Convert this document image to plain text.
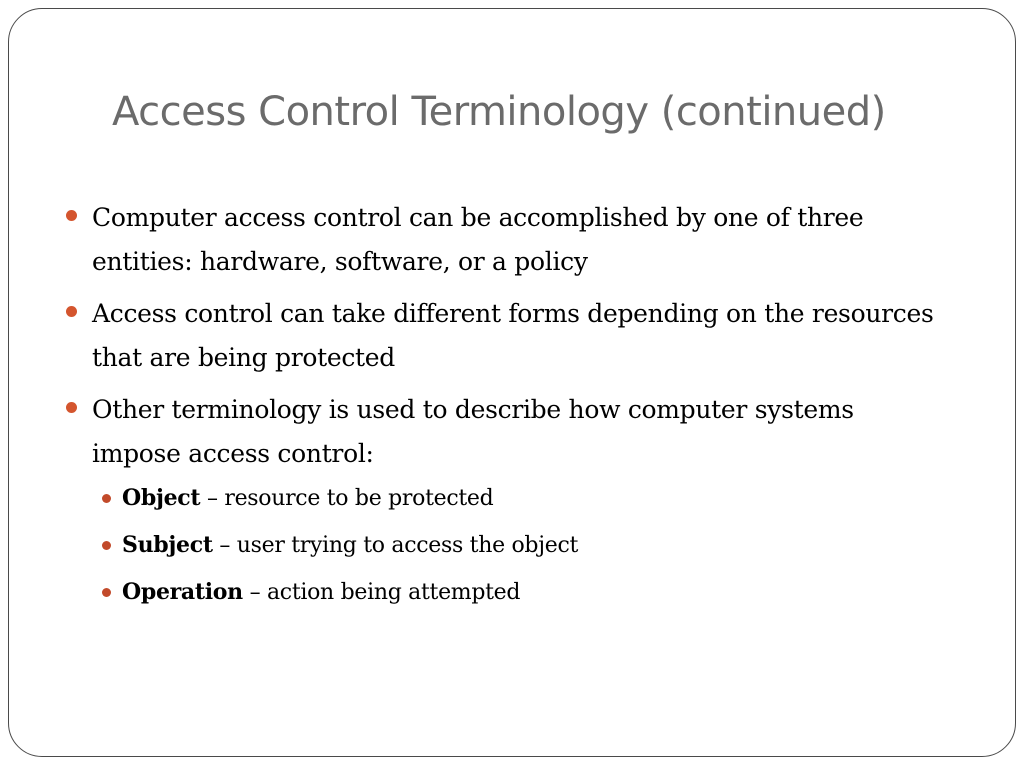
Access Control Terminology (continued)
Computer access control can be accomplished by one of three entities: hardware, software, or a policy
Access control can take different forms depending on the resources that are being protected
Other terminology is used to describe how computer systems impose access control:
Object – resource to be protected
Subject – user trying to access the object
Operation – action being attempted
